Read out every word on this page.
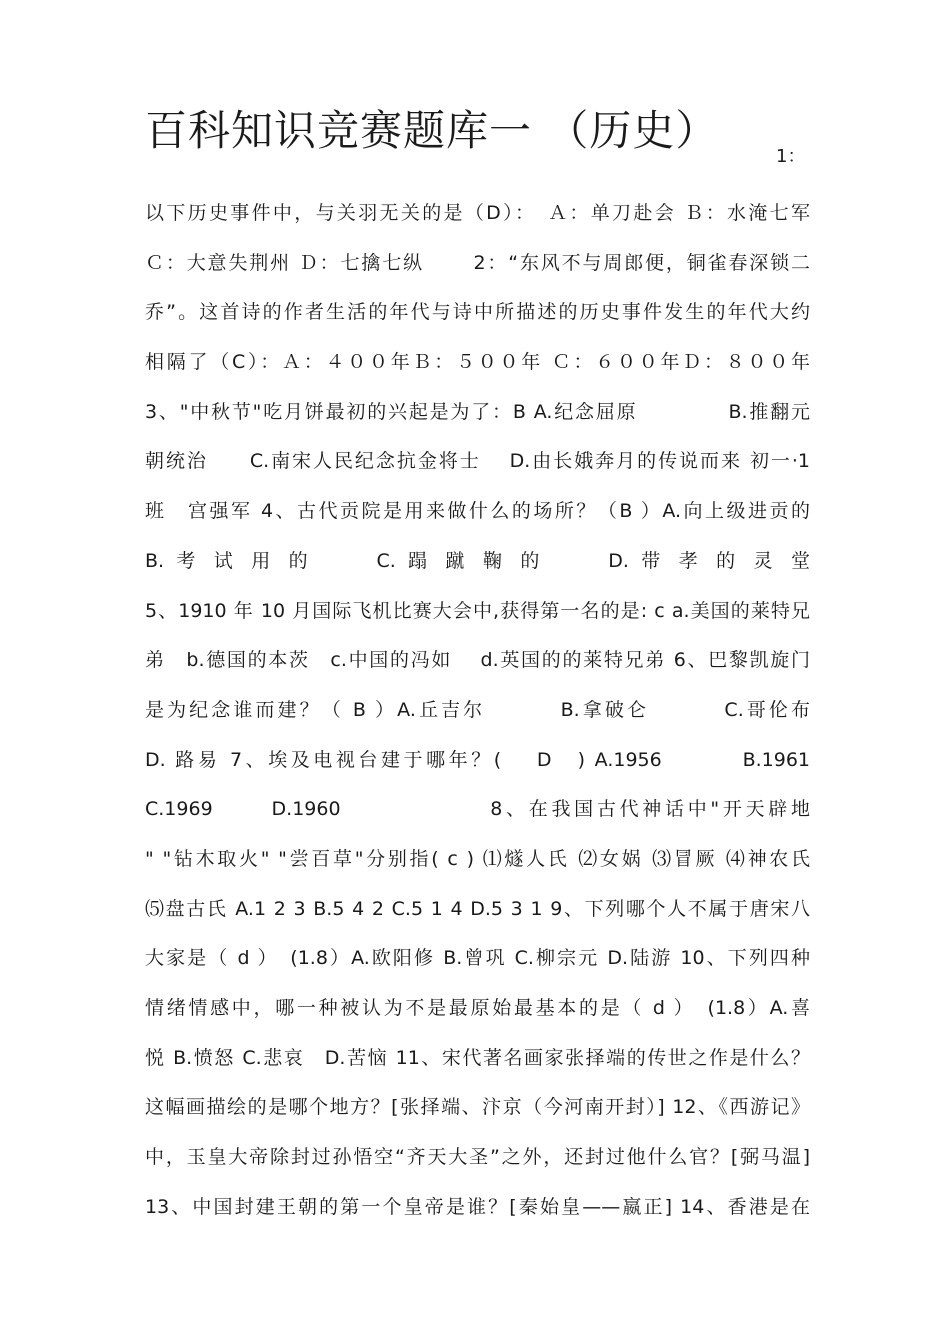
百科知识竞赛题库一 （历史）
1：
以下历史事件中，与关羽无关的是（D）：　Ａ：单刀赴会 Ｂ：水淹七军
Ｃ：大意失荆州 Ｄ：七擒七纵　　 2：“东风不与周郎便，铜雀春深锁二
乔”。这首诗的作者生活的年代与诗中所描述的历史事件发生的年代大约
相隔了（C）：Ａ：４００年Ｂ：５００年 Ｃ：６００年Ｄ：８００年
3、"中秋节"吃月饼最初的兴起是为了：B A.纪念屈原　　　　 B.推翻元
朝统治　　C.南宋人民纪念抗金将士　 D.由长娥奔月的传说而来 初一·1
班　宫强军 4、古代贡院是用来做什么的场所？（B ）A.向上级进贡的
B. 考 试 用 的　　 C. 蹋 蹴 鞠 的　　 D. 带 孝 的 灵 堂
5、1910 年 10 月国际飞机比赛大会中,获得第一名的是: c a.美国的莱特兄
弟　b.德国的本茨　c.中国的冯如　 d.英国的的莱特兄弟 6、巴黎凯旋门
是为纪念谁而建？（ B ）A.丘吉尔　　　 B.拿破仑　　　 C.哥伦布
D. 路易 7、埃及电视台建于哪年？(　 D　) A.1956　　　 B.1961
C.1969　　 D.1960　　　　　　 8、在我国古代神话中"开天辟地
" "钻木取火" "尝百草"分别指( c ) ⑴燧人氏 ⑵女娲 ⑶冒厥 ⑷神农氏
⑸盘古氏 A.1 2 3 B.5 4 2 C.5 1 4 D.5 3 1 9、下列哪个人不属于唐宋八
大家是（ d ）　(1.8）A.欧阳修 B.曾巩 C.柳宗元 D.陆游 10、下列四种
情绪情感中，哪一种被认为不是最原始最基本的是（ d ）　(1.8）A.喜
悦 B.愤怒 C.悲哀　D.苦恼 11、宋代著名画家张择端的传世之作是什么？
这幅画描绘的是哪个地方？[张择端、汴京（今河南开封）] 12、《西游记》
中，玉皇大帝除封过孙悟空“齐天大圣”之外，还封过他什么官？[弼马温]
13、中国封建王朝的第一个皇帝是谁？[秦始皇——嬴正] 14、香港是在
